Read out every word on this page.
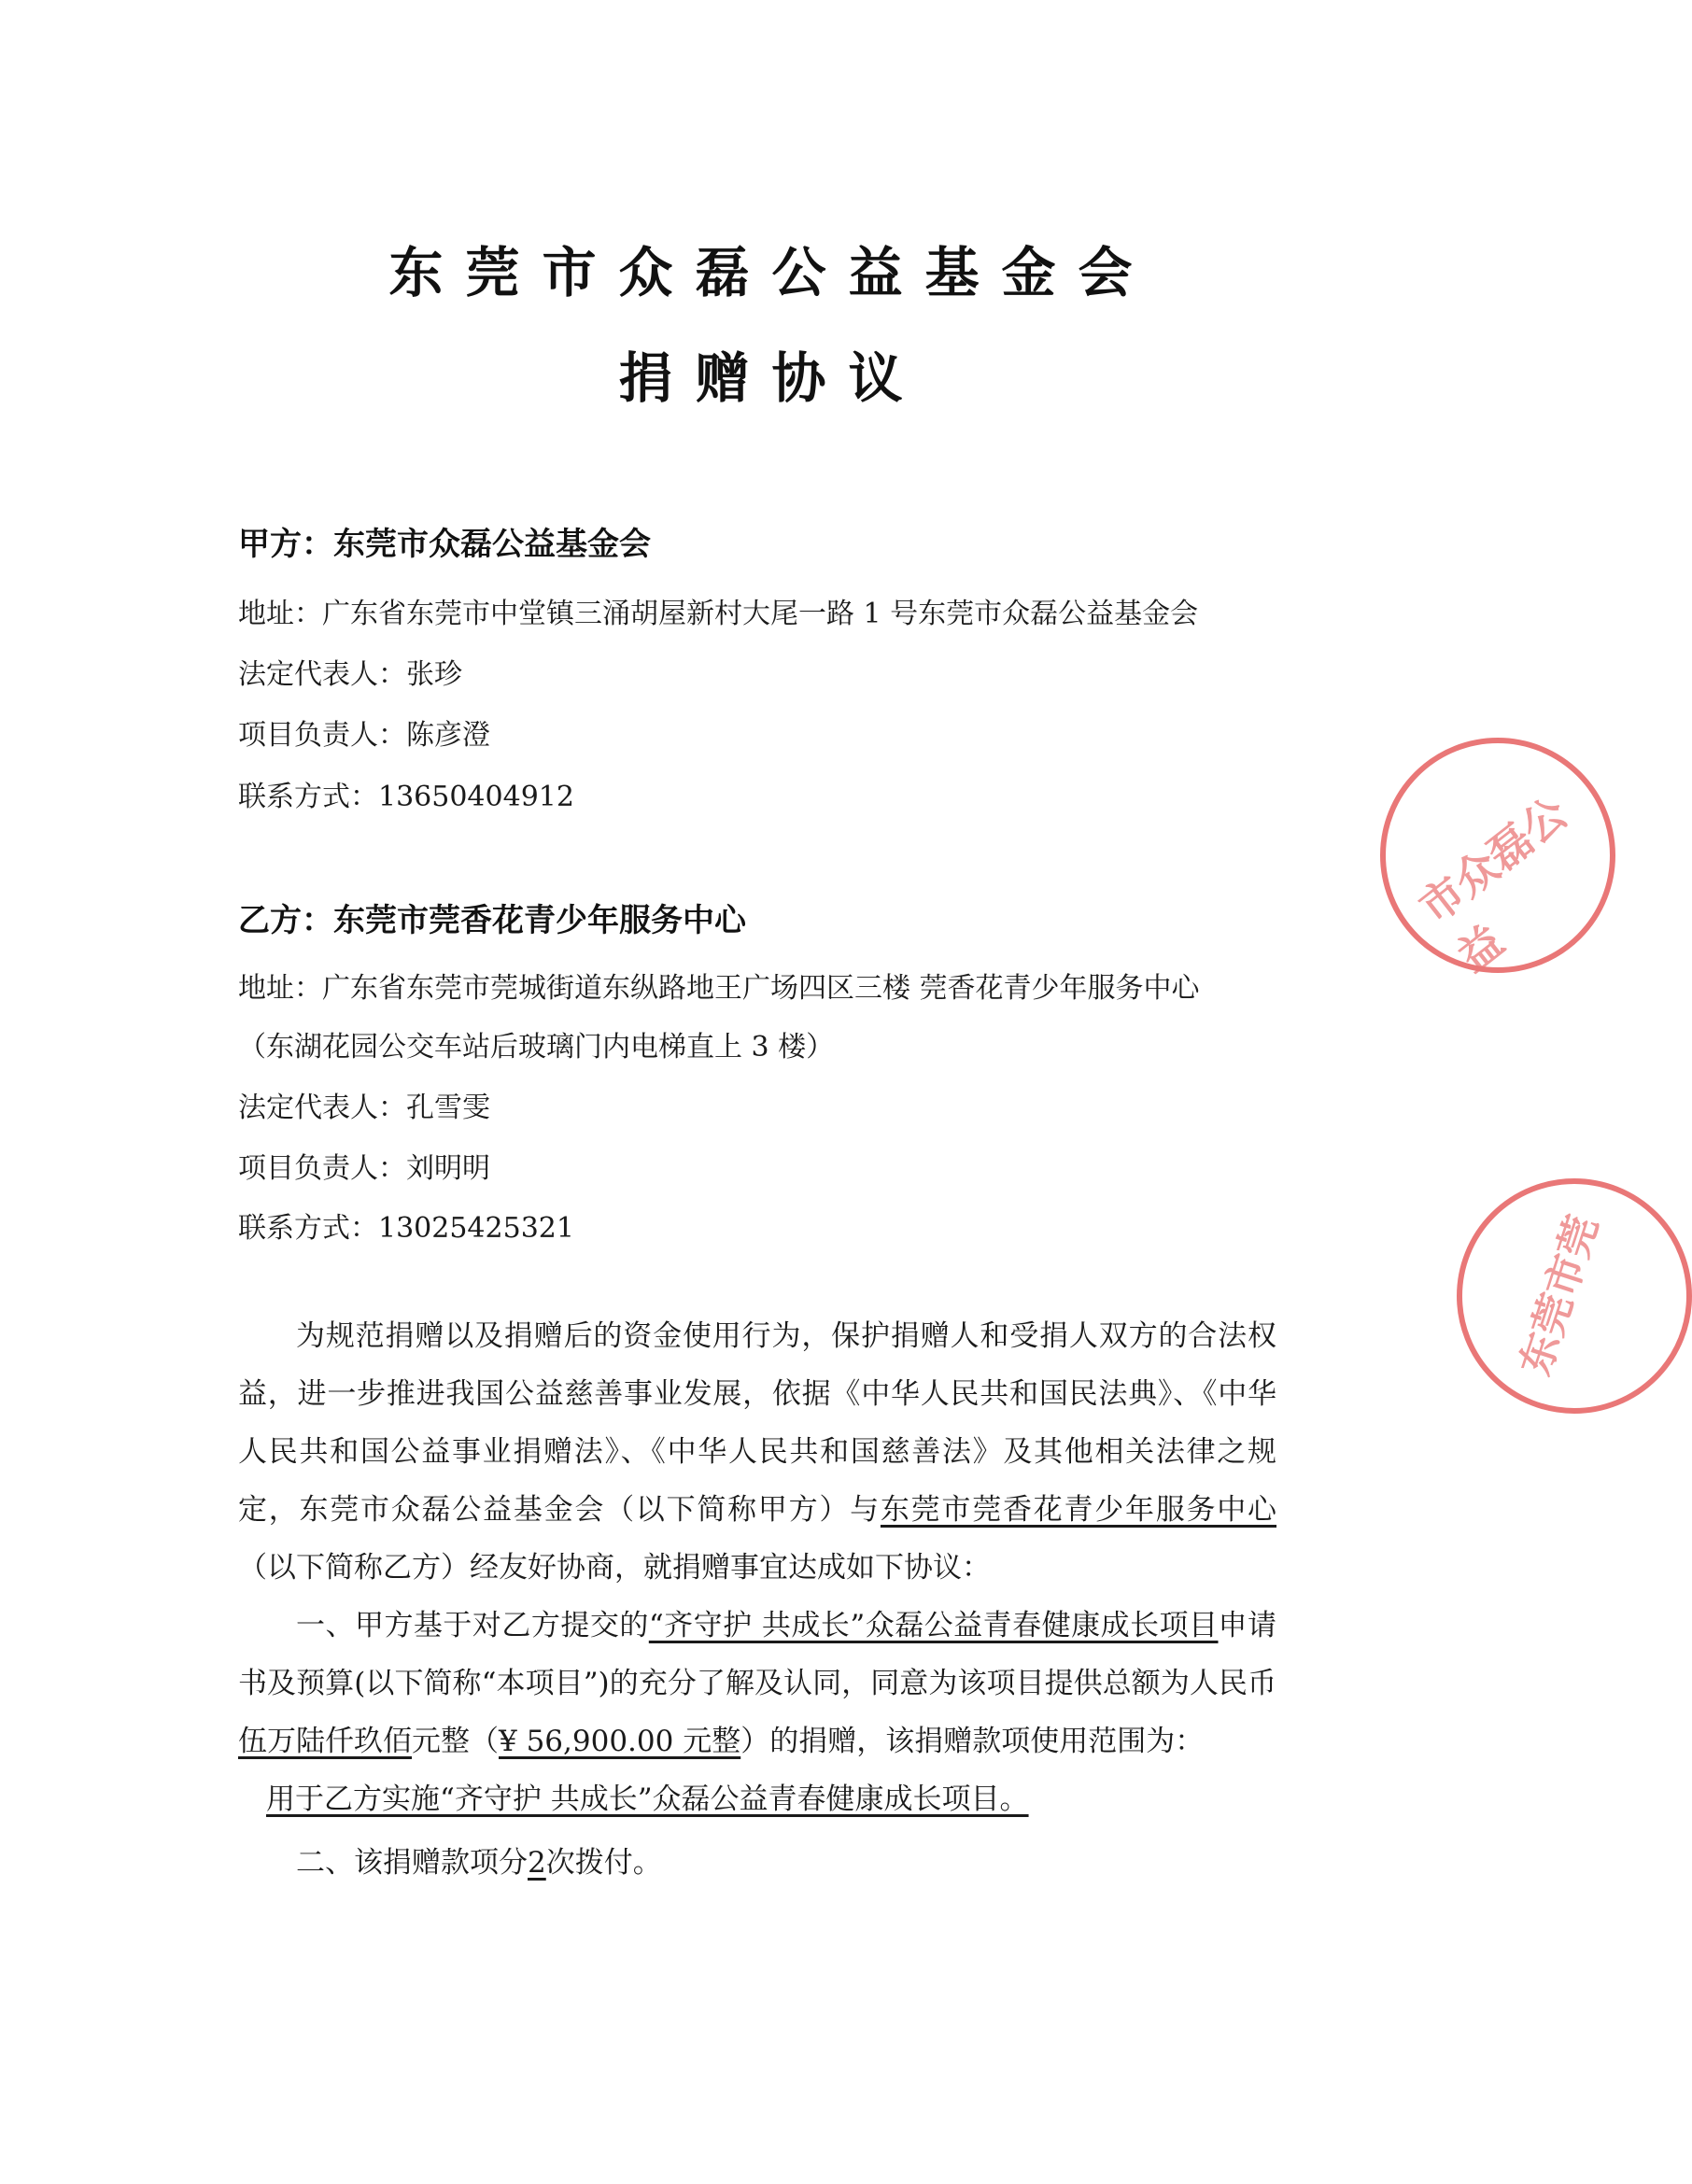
东莞市众磊公益基金会
捐赠协议
甲方：东莞市众磊公益基金会
地址：广东省东莞市中堂镇三涌胡屋新村大尾一路 1 号东莞市众磊公益基金会
法定代表人：张珍
项目负责人：陈彦澄
联系方式：13650404912
乙方：东莞市莞香花青少年服务中心
地址：广东省东莞市莞城街道东纵路地王广场四区三楼 莞香花青少年服务中心
（东湖花园公交车站后玻璃门内电梯直上 3 楼）
法定代表人：孔雪雯
项目负责人：刘明明
联系方式：13025425321

为规范捐赠以及捐赠后的资金使用行为，保护捐赠人和受捐人双方的合法权益，进一步推进我国公益慈善事业发展，依据《中华人民共和国民法典》、《中华人民共和国公益事业捐赠法》、《中华人民共和国慈善法》及其他相关法律之规定，东莞市众磊公益基金会（以下简称甲方）与东莞市莞香花青少年服务中心（以下简称乙方）经友好协商，就捐赠事宜达成如下协议：

一、甲方基于对乙方提交的“齐守护 共成长”众磊公益青春健康成长项目申请书及预算(以下简称“本项目”)的充分了解及认同，同意为该项目提供总额为人民币伍万陆仟玖佰元整（¥ 56,900.00 元整）的捐赠，该捐赠款项使用范围为：

用于乙方实施“齐守护 共成长”众磊公益青春健康成长项目。

二、该捐赠款项分2次拨付。

市众磊公益
东莞市莞
